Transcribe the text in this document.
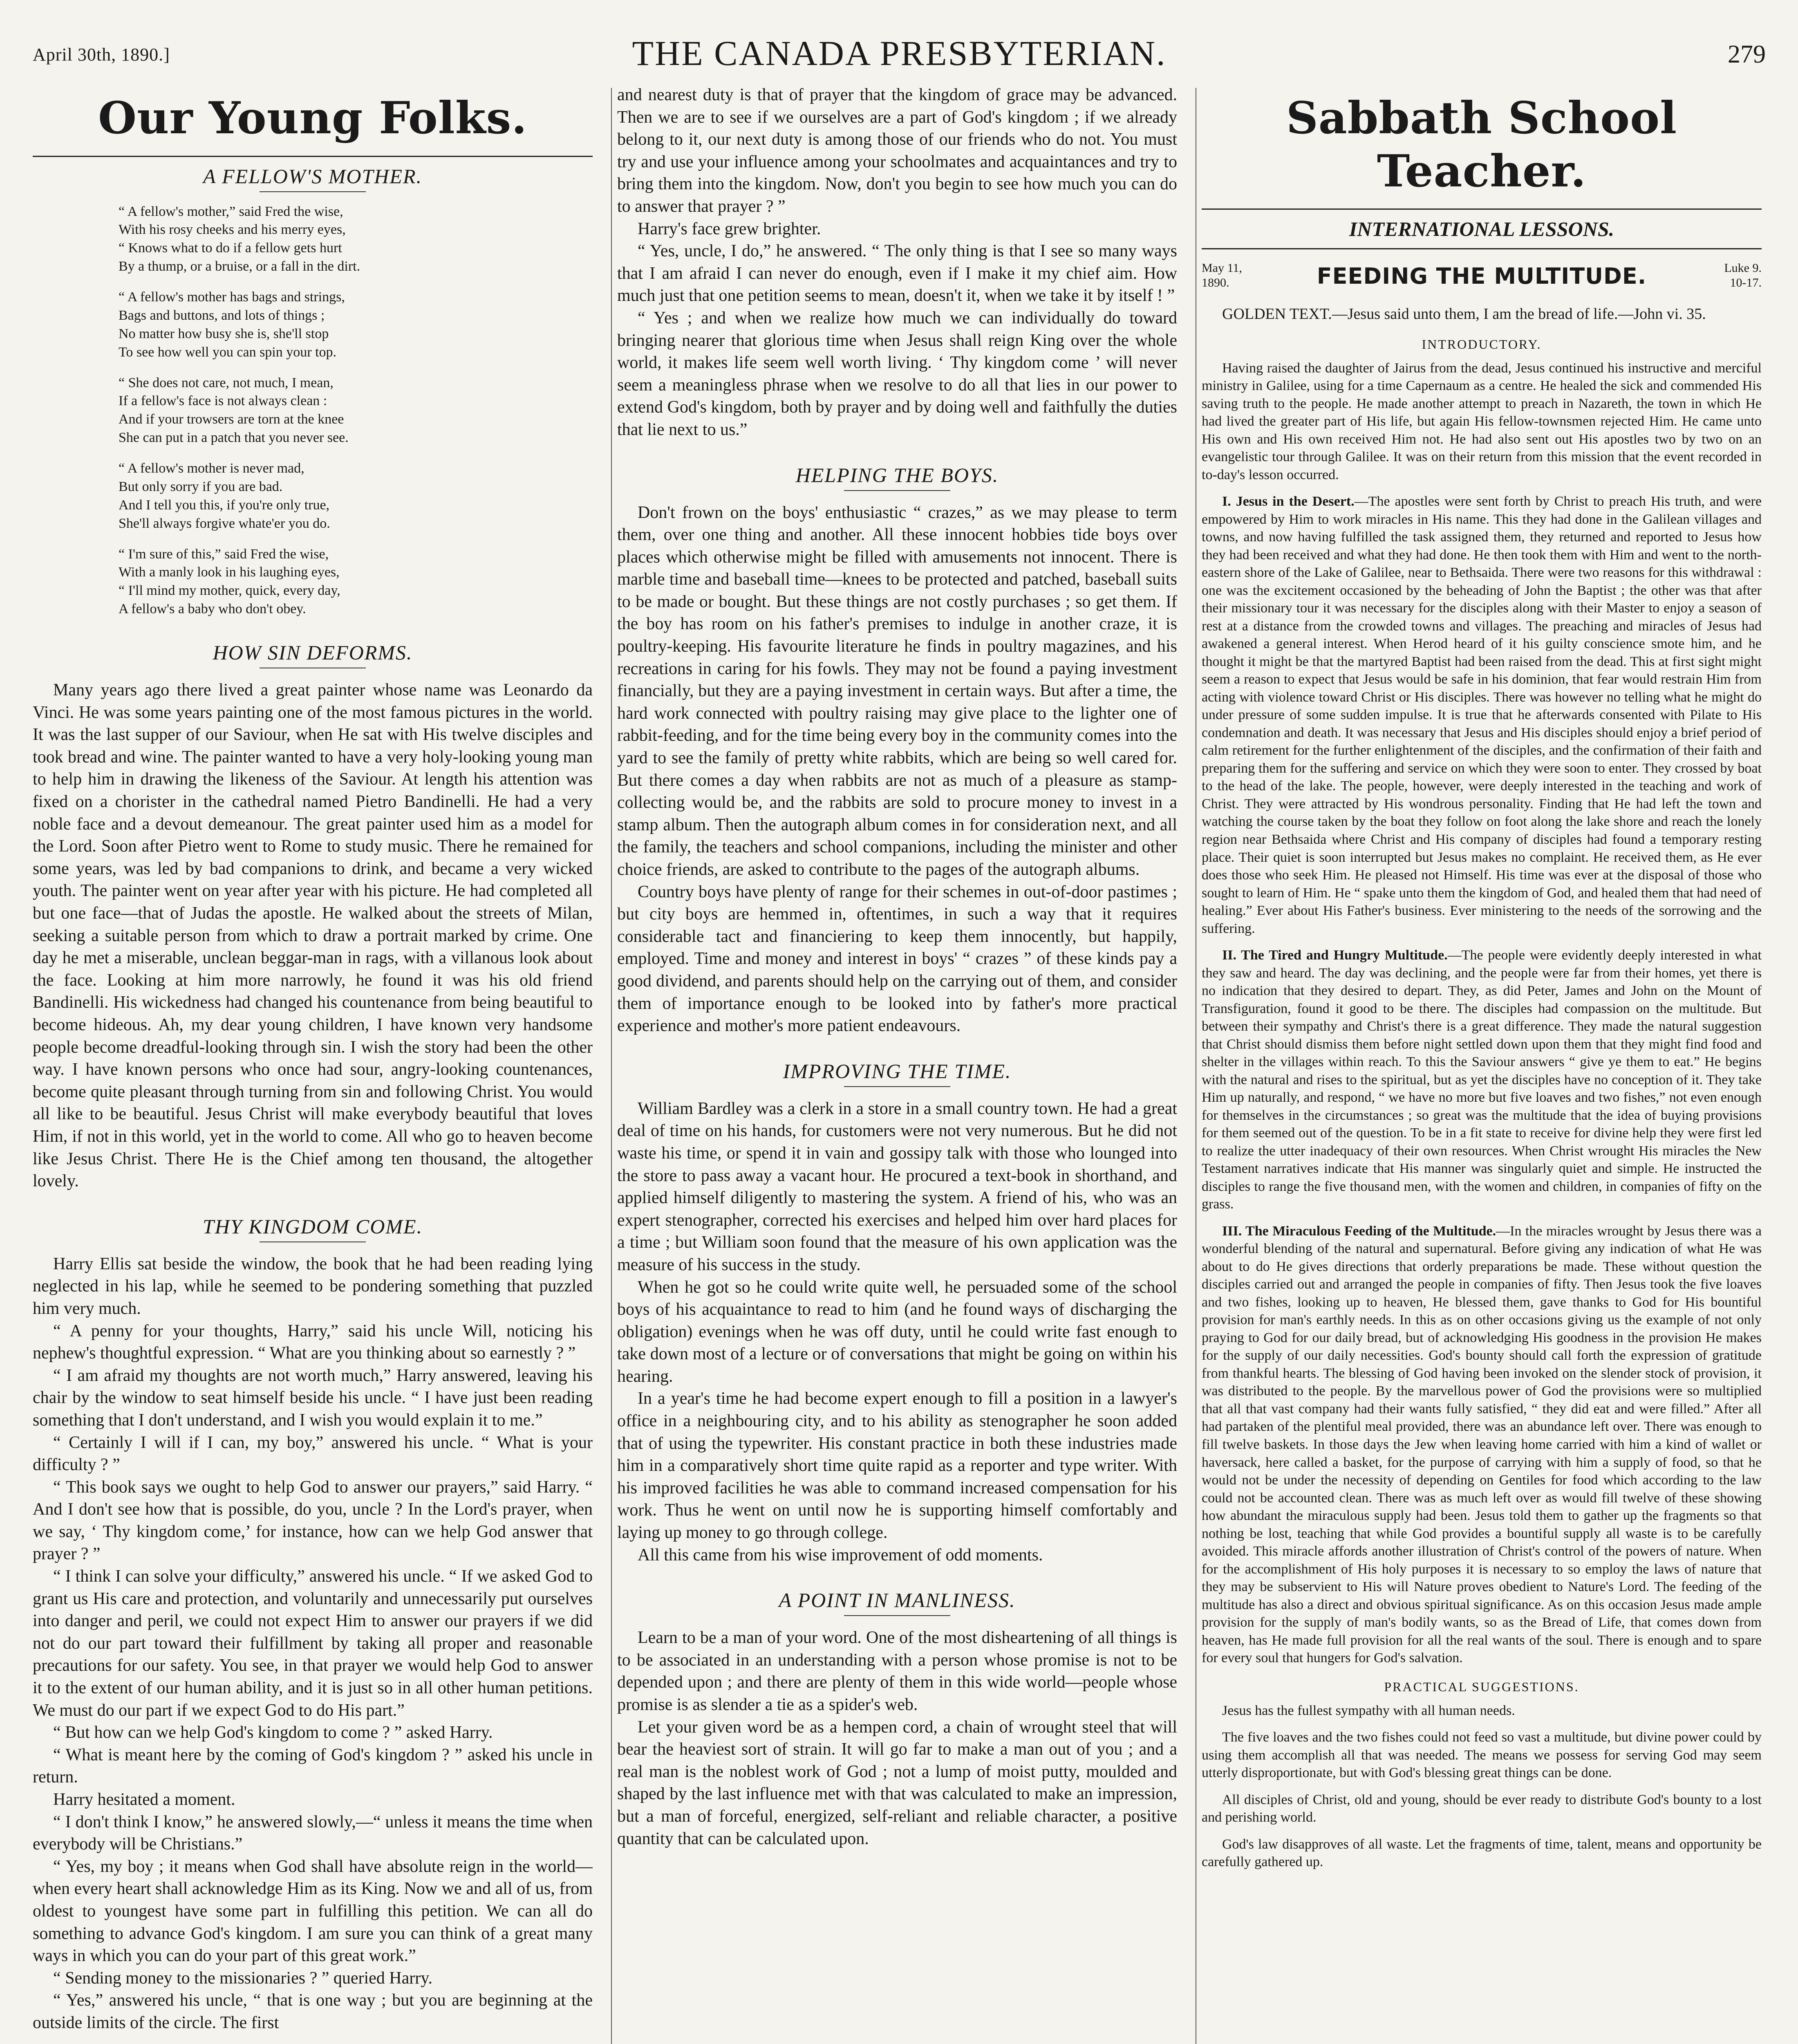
April 30th, 1890.]	THE CANADA PRESBYTERIAN.	279
Our Young Folks.
A FELLOW'S MOTHER.

“ A fellow's mother,” said Fred the wise,

With his rosy cheeks and his merry eyes,

“ Knows what to do if a fellow gets hurt

By a thump, or a bruise, or a fall in the dirt.

“ A fellow's mother has bags and strings,

Bags and buttons, and lots of things ;

No matter how busy she is, she'll stop

To see how well you can spin your top.

“ She does not care, not much, I mean,

If a fellow's face is not always clean :

And if your trowsers are torn at the knee

She can put in a patch that you never see.

“ A fellow's mother is never mad,

But only sorry if you are bad.

And I tell you this, if you're only true,

She'll always forgive whate'er you do.

“ I'm sure of this,” said Fred the wise,

With a manly look in his laughing eyes,

“ I'll mind my mother, quick, every day,

A fellow's a baby who don't obey.

HOW SIN DEFORMS.

Many years ago there lived a great painter whose name was Leonardo da Vinci. He was some years painting one of the most famous pictures in the world. It was the last supper of our Saviour, when He sat with His twelve disciples and took bread and wine. The painter wanted to have a very holy-looking young man to help him in drawing the likeness of the Saviour. At length his attention was fixed on a chorister in the cathedral named Pietro Bandinelli. He had a very noble face and a devout demeanour. The great painter used him as a model for the Lord. Soon after Pietro went to Rome to study music. There he remained for some years, was led by bad companions to drink, and became a very wicked youth. The painter went on year after year with his picture. He had completed all but one face—that of Judas the apostle. He walked about the streets of Milan, seeking a suitable person from which to draw a portrait marked by crime. One day he met a miserable, unclean beggar-man in rags, with a villanous look about the face. Looking at him more narrowly, he found it was his old friend Bandinelli. His wickedness had changed his countenance from being beautiful to become hideous. Ah, my dear young children, I have known very handsome people become dreadful-looking through sin. I wish the story had been the other way. I have known persons who once had sour, angry-looking countenances, become quite pleasant through turning from sin and following Christ. You would all like to be beautiful. Jesus Christ will make everybody beautiful that loves Him, if not in this world, yet in the world to come. All who go to heaven become like Jesus Christ. There He is the Chief among ten thousand, the altogether lovely.

THY KINGDOM COME.

Harry Ellis sat beside the window, the book that he had been reading lying neglected in his lap, while he seemed to be pondering something that puzzled him very much.

“ A penny for your thoughts, Harry,” said his uncle Will, noticing his nephew's thoughtful expression. “ What are you thinking about so earnestly ? ”

“ I am afraid my thoughts are not worth much,” Harry answered, leaving his chair by the window to seat himself beside his uncle. “ I have just been reading something that I don't understand, and I wish you would explain it to me.”

“ Certainly I will if I can, my boy,” answered his uncle. “ What is your difficulty ? ”

“ This book says we ought to help God to answer our prayers,” said Harry. “ And I don't see how that is possible, do you, uncle ? In the Lord's prayer, when we say, ‘ Thy kingdom come,’ for instance, how can we help God answer that prayer ? ”

“ I think I can solve your difficulty,” answered his uncle. “ If we asked God to grant us His care and protection, and voluntarily and unnecessarily put ourselves into danger and peril, we could not expect Him to answer our prayers if we did not do our part toward their fulfillment by taking all proper and reasonable precautions for our safety. You see, in that prayer we would help God to answer it to the extent of our human ability, and it is just so in all other human petitions. We must do our part if we expect God to do His part.”

“ But how can we help God's kingdom to come ? ” asked Harry.

“ What is meant here by the coming of God's kingdom ? ” asked his uncle in return.

Harry hesitated a moment.

“ I don't think I know,” he answered slowly,—“ unless it means the time when everybody will be Christians.”

“ Yes, my boy ; it means when God shall have absolute reign in the world—when every heart shall acknowledge Him as its King. Now we and all of us, from oldest to youngest have some part in fulfilling this petition. We can all do something to advance God's kingdom. I am sure you can think of a great many ways in which you can do your part of this great work.”

“ Sending money to the missionaries ? ” queried Harry.

“ Yes,” answered his uncle, “ that is one way ; but you are beginning at the outside limits of the circle. The first

and nearest duty is that of prayer that the kingdom of grace may be advanced. Then we are to see if we ourselves are a part of God's kingdom ; if we already belong to it, our next duty is among those of our friends who do not. You must try and use your influence among your schoolmates and acquaintances and try to bring them into the kingdom. Now, don't you begin to see how much you can do to answer that prayer ? ”

Harry's face grew brighter.

“ Yes, uncle, I do,” he answered. “ The only thing is that I see so many ways that I am afraid I can never do enough, even if I make it my chief aim. How much just that one petition seems to mean, doesn't it, when we take it by itself ! ”

“ Yes ; and when we realize how much we can individually do toward bringing nearer that glorious time when Jesus shall reign King over the whole world, it makes life seem well worth living. ‘ Thy kingdom come ’ will never seem a meaningless phrase when we resolve to do all that lies in our power to extend God's kingdom, both by prayer and by doing well and faithfully the duties that lie next to us.”

HELPING THE BOYS.

Don't frown on the boys' enthusiastic “ crazes,” as we may please to term them, over one thing and another. All these innocent hobbies tide boys over places which otherwise might be filled with amusements not innocent. There is marble time and baseball time—knees to be protected and patched, baseball suits to be made or bought. But these things are not costly purchases ; so get them. If the boy has room on his father's premises to indulge in another craze, it is poultry-keeping. His favourite literature he finds in poultry magazines, and his recreations in caring for his fowls. They may not be found a paying investment financially, but they are a paying investment in certain ways. But after a time, the hard work connected with poultry raising may give place to the lighter one of rabbit-feeding, and for the time being every boy in the community comes into the yard to see the family of pretty white rabbits, which are being so well cared for. But there comes a day when rabbits are not as much of a pleasure as stamp-collecting would be, and the rabbits are sold to procure money to invest in a stamp album. Then the autograph album comes in for consideration next, and all the family, the teachers and school companions, including the minister and other choice friends, are asked to contribute to the pages of the autograph albums.

Country boys have plenty of range for their schemes in out-of-door pastimes ; but city boys are hemmed in, oftentimes, in such a way that it requires considerable tact and financiering to keep them innocently, but happily, employed. Time and money and interest in boys' “ crazes ” of these kinds pay a good dividend, and parents should help on the carrying out of them, and consider them of importance enough to be looked into by father's more practical experience and mother's more patient endeavours.

IMPROVING THE TIME.

William Bardley was a clerk in a store in a small country town. He had a great deal of time on his hands, for customers were not very numerous. But he did not waste his time, or spend it in vain and gossipy talk with those who lounged into the store to pass away a vacant hour. He procured a text-book in shorthand, and applied himself diligently to mastering the system. A friend of his, who was an expert stenographer, corrected his exercises and helped him over hard places for a time ; but William soon found that the measure of his own application was the measure of his success in the study.

When he got so he could write quite well, he persuaded some of the school boys of his acquaintance to read to him (and he found ways of discharging the obligation) evenings when he was off duty, until he could write fast enough to take down most of a lecture or of conversations that might be going on within his hearing.

In a year's time he had become expert enough to fill a position in a lawyer's office in a neighbouring city, and to his ability as stenographer he soon added that of using the typewriter. His constant practice in both these industries made him in a comparatively short time quite rapid as a reporter and type writer. With his improved facilities he was able to command increased compensation for his work. Thus he went on until now he is supporting himself comfortably and laying up money to go through college.

All this came from his wise improvement of odd moments.

A POINT IN MANLINESS.

Learn to be a man of your word. One of the most disheartening of all things is to be associated in an understanding with a person whose promise is not to be depended upon ; and there are plenty of them in this wide world—people whose promise is as slender a tie as a spider's web.

Let your given word be as a hempen cord, a chain of wrought steel that will bear the heaviest sort of strain. It will go far to make a man out of you ; and a real man is the noblest work of God ; not a lump of moist putty, moulded and shaped by the last influence met with that was calculated to make an impression, but a man of forceful, energized, self-reliant and reliable character, a positive quantity that can be calculated upon.

Sabbath School Teacher.
INTERNATIONAL LESSONS.
May 11,
1890.	FEEDING THE MULTITUDE.	Luke 9.
10-17.

GOLDEN TEXT.—Jesus said unto them, I am the bread of life.—John vi. 35.

INTRODUCTORY.

Having raised the daughter of Jairus from the dead, Jesus continued his instructive and merciful ministry in Galilee, using for a time Capernaum as a centre. He healed the sick and commended His saving truth to the people. He made another attempt to preach in Nazareth, the town in which He had lived the greater part of His life, but again His fellow-townsmen rejected Him. He came unto His own and His own received Him not. He had also sent out His apostles two by two on an evangelistic tour through Galilee. It was on their return from this mission that the event recorded in to-day's lesson occurred.

I. Jesus in the Desert.—The apostles were sent forth by Christ to preach His truth, and were empowered by Him to work miracles in His name. This they had done in the Galilean villages and towns, and now having fulfilled the task assigned them, they returned and reported to Jesus how they had been received and what they had done. He then took them with Him and went to the north-eastern shore of the Lake of Galilee, near to Bethsaida. There were two reasons for this withdrawal : one was the excitement occasioned by the beheading of John the Baptist ; the other was that after their missionary tour it was necessary for the disciples along with their Master to enjoy a season of rest at a distance from the crowded towns and villages. The preaching and miracles of Jesus had awakened a general interest. When Herod heard of it his guilty conscience smote him, and he thought it might be that the martyred Baptist had been raised from the dead. This at first sight might seem a reason to expect that Jesus would be safe in his dominion, that fear would restrain Him from acting with violence toward Christ or His disciples. There was however no telling what he might do under pressure of some sudden impulse. It is true that he afterwards consented with Pilate to His condemnation and death. It was necessary that Jesus and His disciples should enjoy a brief period of calm retirement for the further enlightenment of the disciples, and the confirmation of their faith and preparing them for the suffering and service on which they were soon to enter. They crossed by boat to the head of the lake. The people, however, were deeply interested in the teaching and work of Christ. They were attracted by His wondrous personality. Finding that He had left the town and watching the course taken by the boat they follow on foot along the lake shore and reach the lonely region near Bethsaida where Christ and His company of disciples had found a temporary resting place. Their quiet is soon interrupted but Jesus makes no complaint. He received them, as He ever does those who seek Him. He pleased not Himself. His time was ever at the disposal of those who sought to learn of Him. He “ spake unto them the kingdom of God, and healed them that had need of healing.” Ever about His Father's business. Ever ministering to the needs of the sorrowing and the suffering.

II. The Tired and Hungry Multitude.—The people were evidently deeply interested in what they saw and heard. The day was declining, and the people were far from their homes, yet there is no indication that they desired to depart. They, as did Peter, James and John on the Mount of Transfiguration, found it good to be there. The disciples had compassion on the multitude. But between their sympathy and Christ's there is a great difference. They made the natural suggestion that Christ should dismiss them before night settled down upon them that they might find food and shelter in the villages within reach. To this the Saviour answers “ give ye them to eat.” He begins with the natural and rises to the spiritual, but as yet the disciples have no conception of it. They take Him up naturally, and respond, “ we have no more but five loaves and two fishes,” not even enough for themselves in the circumstances ; so great was the multitude that the idea of buying provisions for them seemed out of the question. To be in a fit state to receive for divine help they were first led to realize the utter inadequacy of their own resources. When Christ wrought His miracles the New Testament narratives indicate that His manner was singularly quiet and simple. He instructed the disciples to range the five thousand men, with the women and children, in companies of fifty on the grass.

III. The Miraculous Feeding of the Multitude.—In the miracles wrought by Jesus there was a wonderful blending of the natural and supernatural. Before giving any indication of what He was about to do He gives directions that orderly preparations be made. These without question the disciples carried out and arranged the people in companies of fifty. Then Jesus took the five loaves and two fishes, looking up to heaven, He blessed them, gave thanks to God for His bountiful provision for man's earthly needs. In this as on other occasions giving us the example of not only praying to God for our daily bread, but of acknowledging His goodness in the provision He makes for the supply of our daily necessities. God's bounty should call forth the expression of gratitude from thankful hearts. The blessing of God having been invoked on the slender stock of provision, it was distributed to the people. By the marvellous power of God the provisions were so multiplied that all that vast company had their wants fully satisfied, “ they did eat and were filled.” After all had partaken of the plentiful meal provided, there was an abundance left over. There was enough to fill twelve baskets. In those days the Jew when leaving home carried with him a kind of wallet or haversack, here called a basket, for the purpose of carrying with him a supply of food, so that he would not be under the necessity of depending on Gentiles for food which according to the law could not be accounted clean. There was as much left over as would fill twelve of these showing how abundant the miraculous supply had been. Jesus told them to gather up the fragments so that nothing be lost, teaching that while God provides a bountiful supply all waste is to be carefully avoided. This miracle affords another illustration of Christ's control of the powers of nature. When for the accomplishment of His holy purposes it is necessary to so employ the laws of nature that they may be subservient to His will Nature proves obedient to Nature's Lord. The feeding of the multitude has also a direct and obvious spiritual significance. As on this occasion Jesus made ample provision for the supply of man's bodily wants, so as the Bread of Life, that comes down from heaven, has He made full provision for all the real wants of the soul. There is enough and to spare for every soul that hungers for God's salvation.

PRACTICAL SUGGESTIONS.

Jesus has the fullest sympathy with all human needs.

The five loaves and the two fishes could not feed so vast a multitude, but divine power could by using them accomplish all that was needed. The means we possess for serving God may seem utterly disproportionate, but with God's blessing great things can be done.

All disciples of Christ, old and young, should be ever ready to distribute God's bounty to a lost and perishing world.

God's law disapproves of all waste. Let the fragments of time, talent, means and opportunity be carefully gathered up.
